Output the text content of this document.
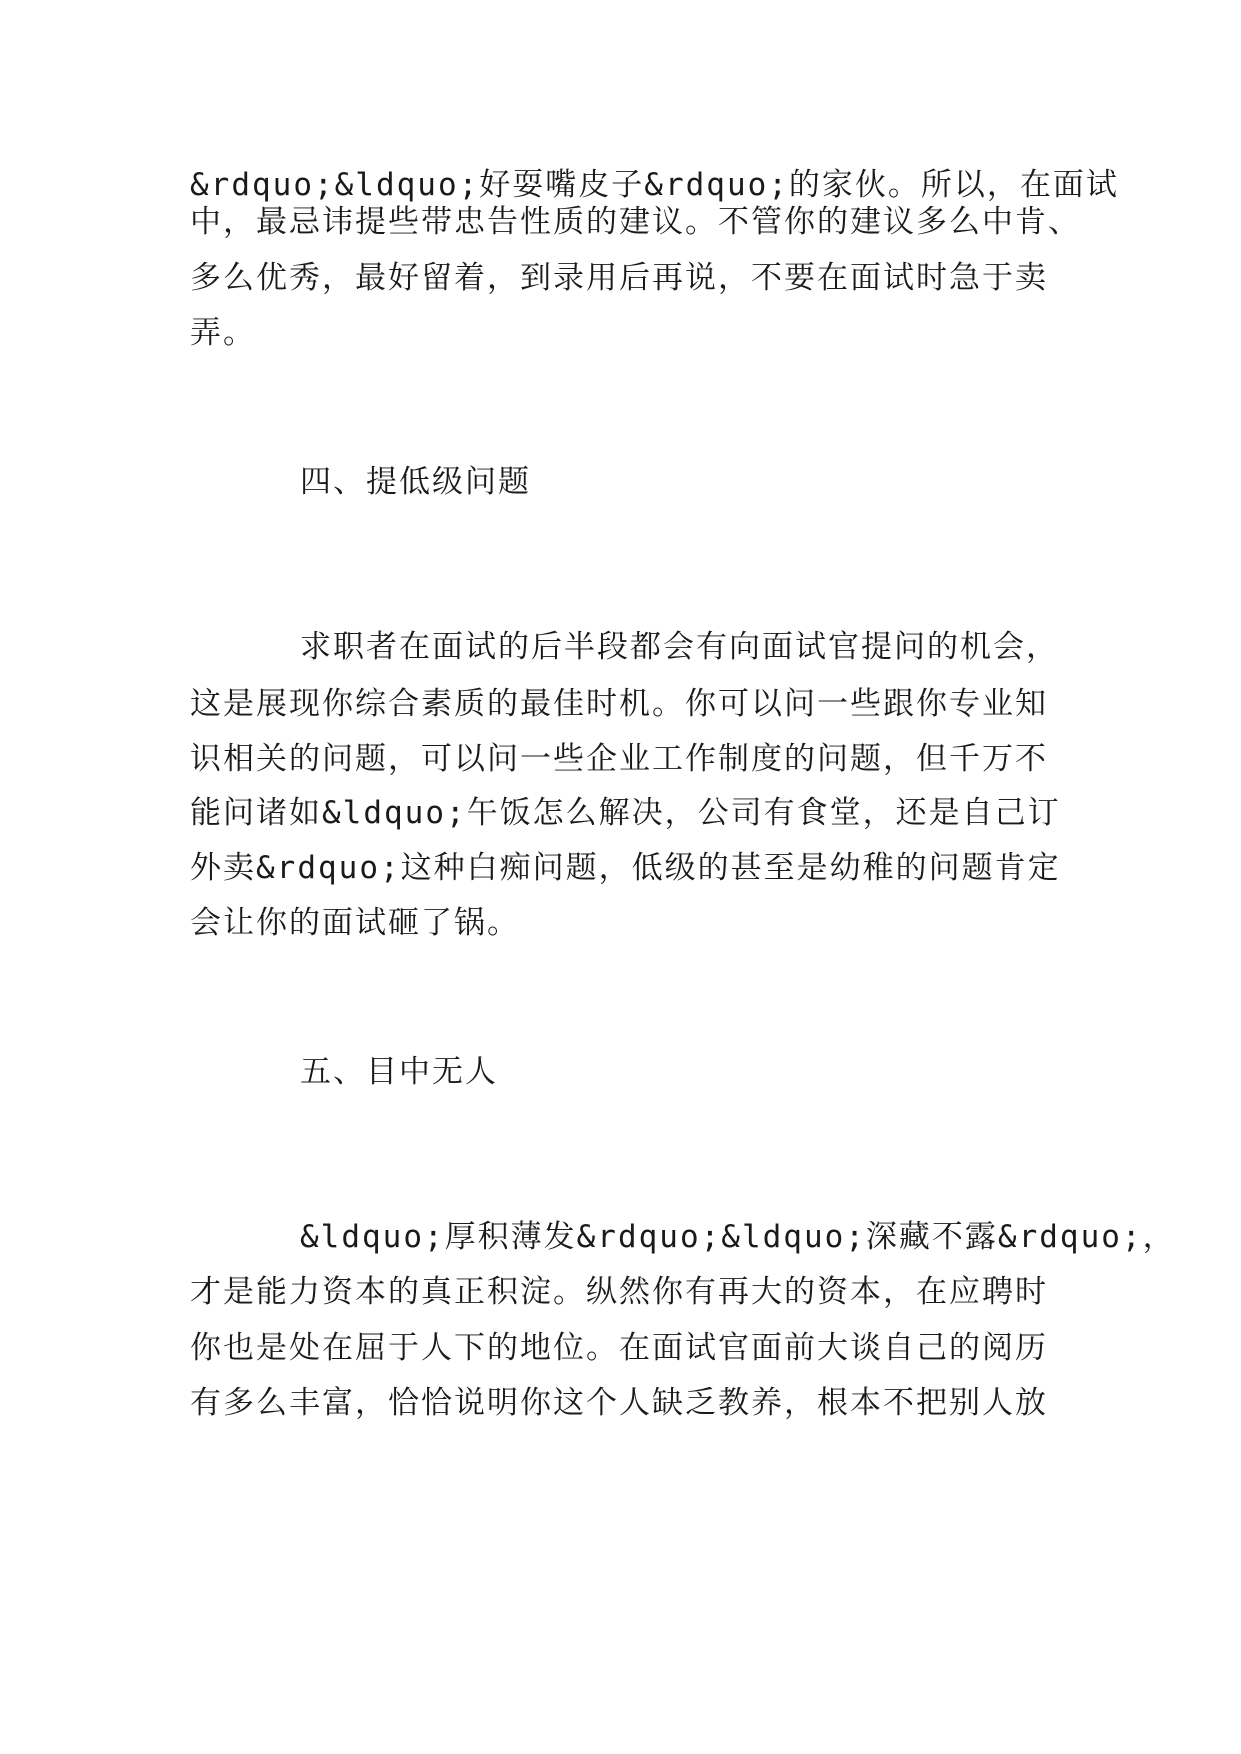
&rdquo;&ldquo;好耍嘴皮子&rdquo;的家伙。所以，在面试
中，最忌讳提些带忠告性质的建议。不管你的建议多么中肯、
多么优秀，最好留着，到录用后再说，不要在面试时急于卖
弄。
四、提低级问题
求职者在面试的后半段都会有向面试官提问的机会，
这是展现你综合素质的最佳时机。你可以问一些跟你专业知
识相关的问题，可以问一些企业工作制度的问题，但千万不
能问诸如&ldquo;午饭怎么解决，公司有食堂，还是自己订
外卖&rdquo;这种白痴问题，低级的甚至是幼稚的问题肯定
会让你的面试砸了锅。
五、目中无人
&ldquo;厚积薄发&rdquo;&ldquo;深藏不露&rdquo;，
才是能力资本的真正积淀。纵然你有再大的资本，在应聘时
你也是处在屈于人下的地位。在面试官面前大谈自己的阅历
有多么丰富，恰恰说明你这个人缺乏教养，根本不把别人放
